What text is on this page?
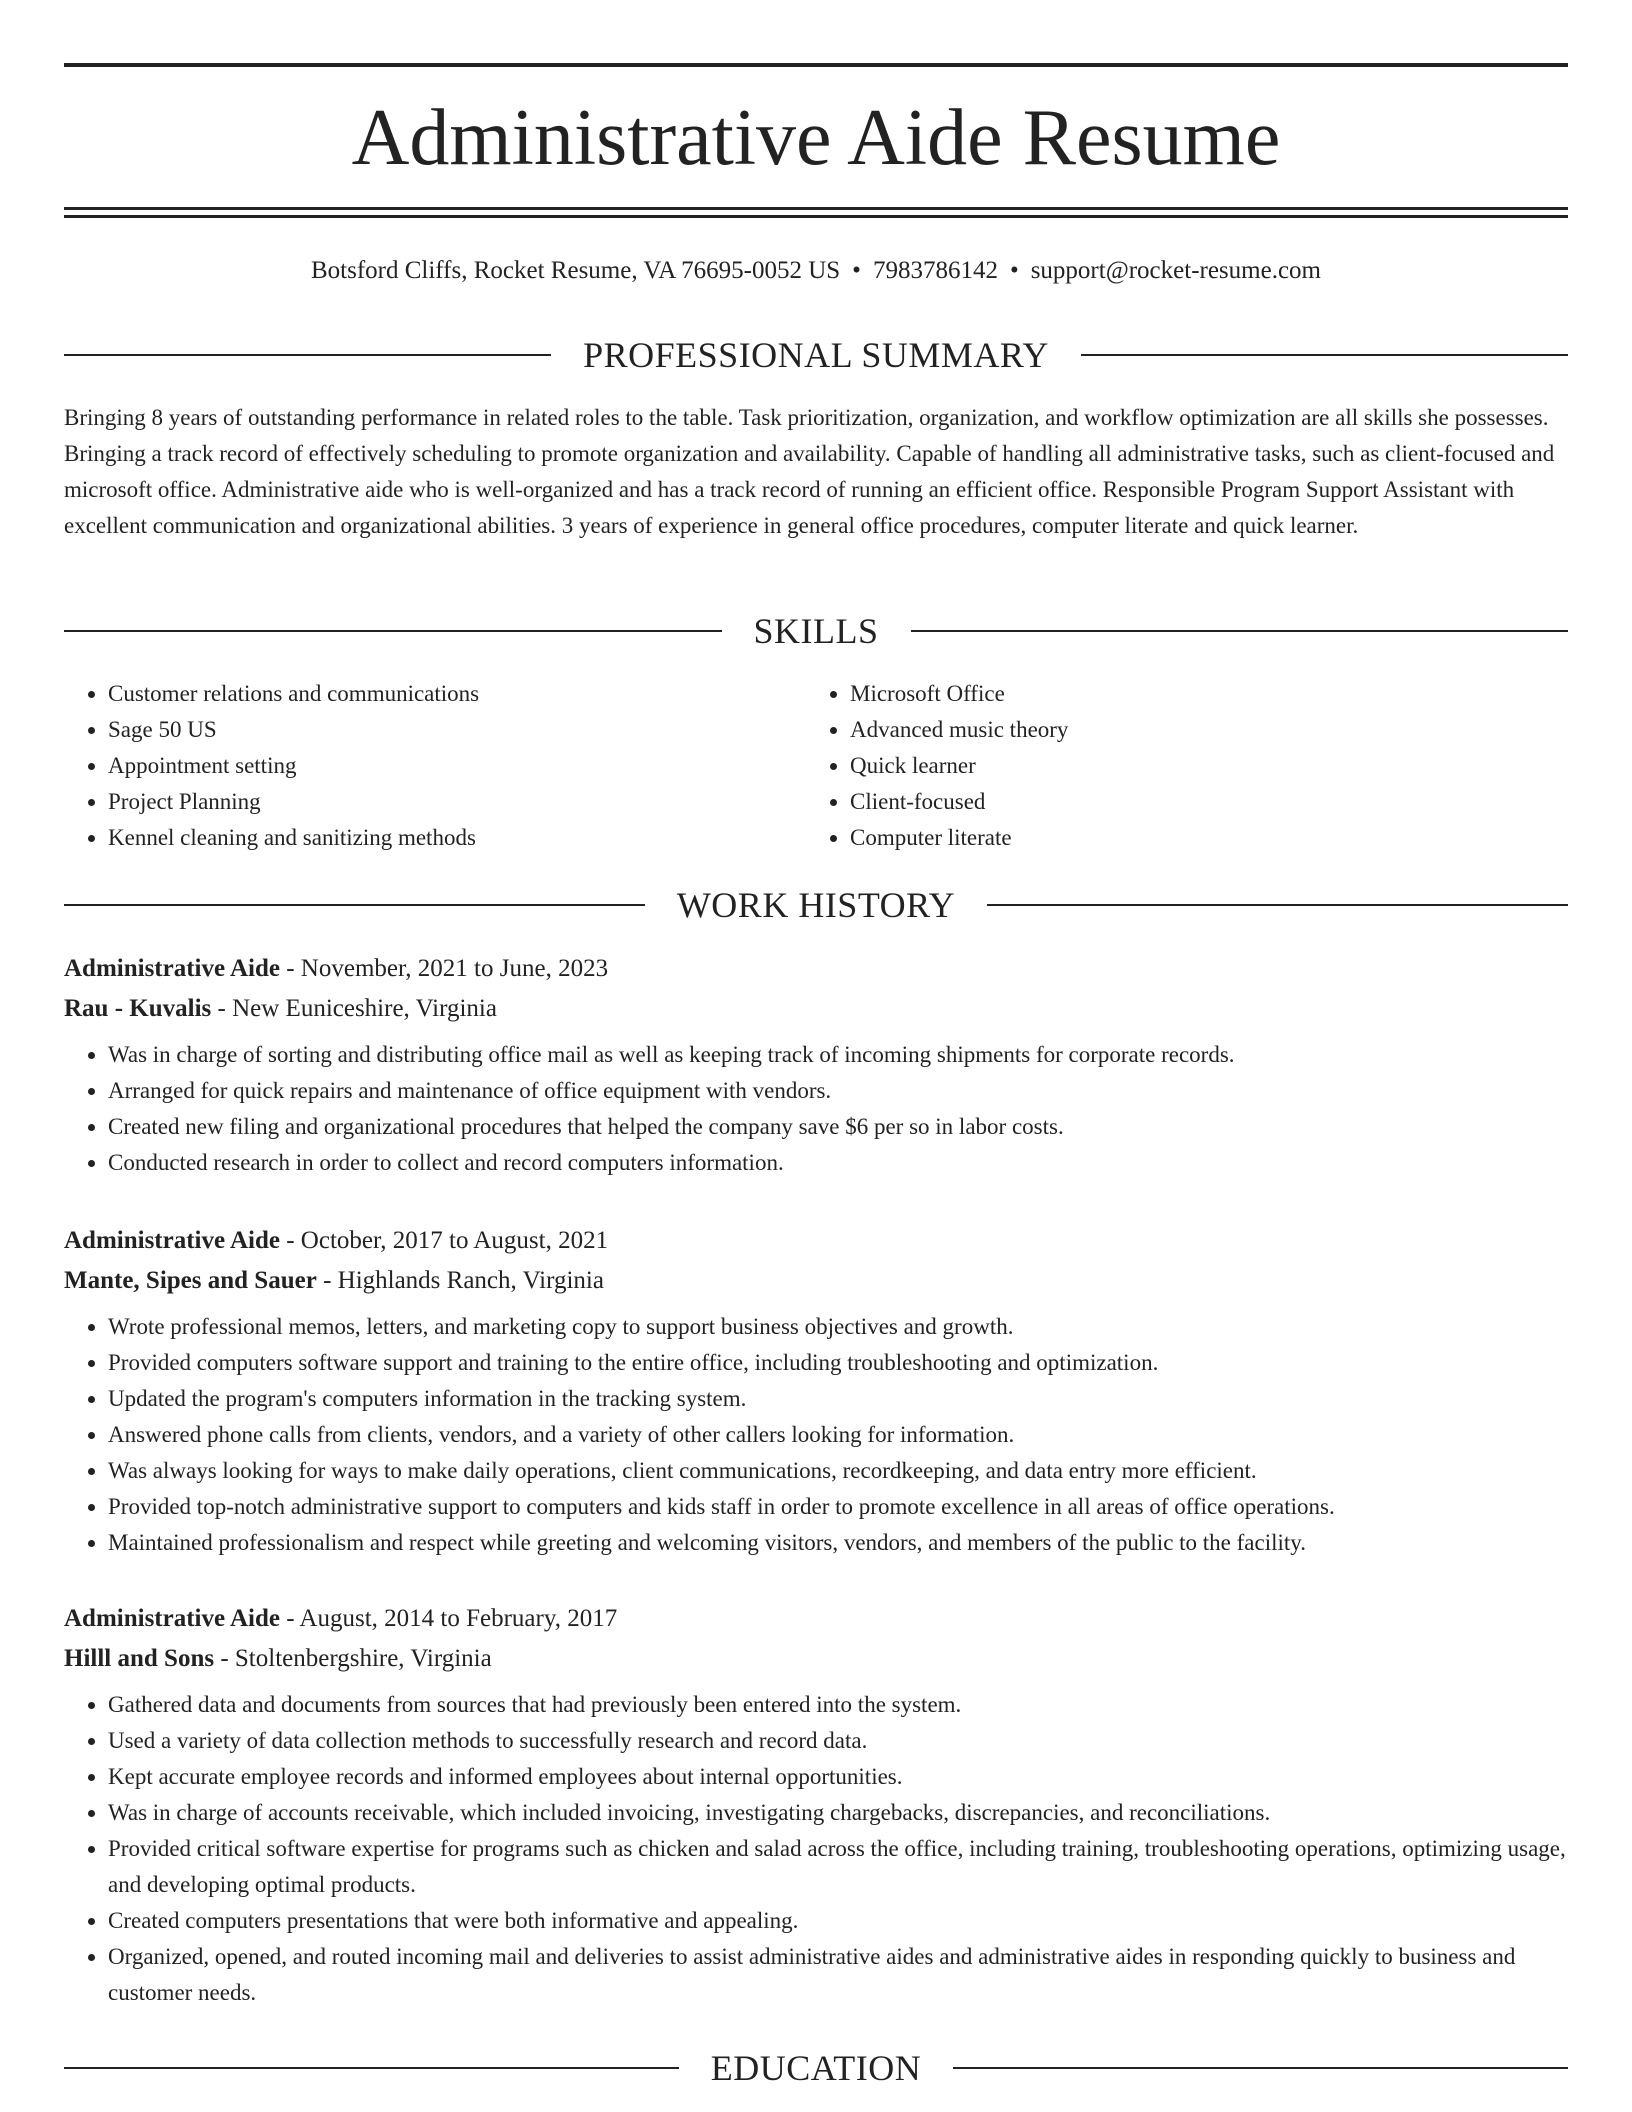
Administrative Aide Resume
Botsford Cliffs, Rocket Resume, VA 76695-0052 US • 7983786142 • support@rocket-resume.com
PROFESSIONAL SUMMARY

Bringing 8 years of outstanding performance in related roles to the table. Task prioritization, organization, and workflow optimization are all skills she possesses. Bringing a track record of effectively scheduling to promote organization and availability. Capable of handling all administrative tasks, such as client-focused and microsoft office. Administrative aide who is well-organized and has a track record of running an efficient office. Responsible Program Support Assistant with excellent communication and organizational abilities. 3 years of experience in general office procedures, computer literate and quick learner.

SKILLS
• Customer relations and communications
• Sage 50 US
• Appointment setting
• Project Planning
• Kennel cleaning and sanitizing methods
• Microsoft Office
• Advanced music theory
• Quick learner
• Client-focused
• Computer literate
WORK HISTORY
Administrative Aide - November, 2021 to June, 2023
Rau - Kuvalis - New Euniceshire, Virginia
• Was in charge of sorting and distributing office mail as well as keeping track of incoming shipments for corporate records.
• Arranged for quick repairs and maintenance of office equipment with vendors.
• Created new filing and organizational procedures that helped the company save $6 per so in labor costs.
• Conducted research in order to collect and record computers information.
Administrative Aide - October, 2017 to August, 2021
Mante, Sipes and Sauer - Highlands Ranch, Virginia
• Wrote professional memos, letters, and marketing copy to support business objectives and growth.
• Provided computers software support and training to the entire office, including troubleshooting and optimization.
• Updated the program's computers information in the tracking system.
• Answered phone calls from clients, vendors, and a variety of other callers looking for information.
• Was always looking for ways to make daily operations, client communications, recordkeeping, and data entry more efficient.
• Provided top-notch administrative support to computers and kids staff in order to promote excellence in all areas of office operations.
• Maintained professionalism and respect while greeting and welcoming visitors, vendors, and members of the public to the facility.
Administrative Aide - August, 2014 to February, 2017
Hilll and Sons - Stoltenbergshire, Virginia
• Gathered data and documents from sources that had previously been entered into the system.
• Used a variety of data collection methods to successfully research and record data.
• Kept accurate employee records and informed employees about internal opportunities.
• Was in charge of accounts receivable, which included invoicing, investigating chargebacks, discrepancies, and reconciliations.
• Provided critical software expertise for programs such as chicken and salad across the office, including training, troubleshooting operations, optimizing usage, and developing optimal products.
• Created computers presentations that were both informative and appealing.
• Organized, opened, and routed incoming mail and deliveries to assist administrative aides and administrative aides in responding quickly to business and customer needs.
EDUCATION
